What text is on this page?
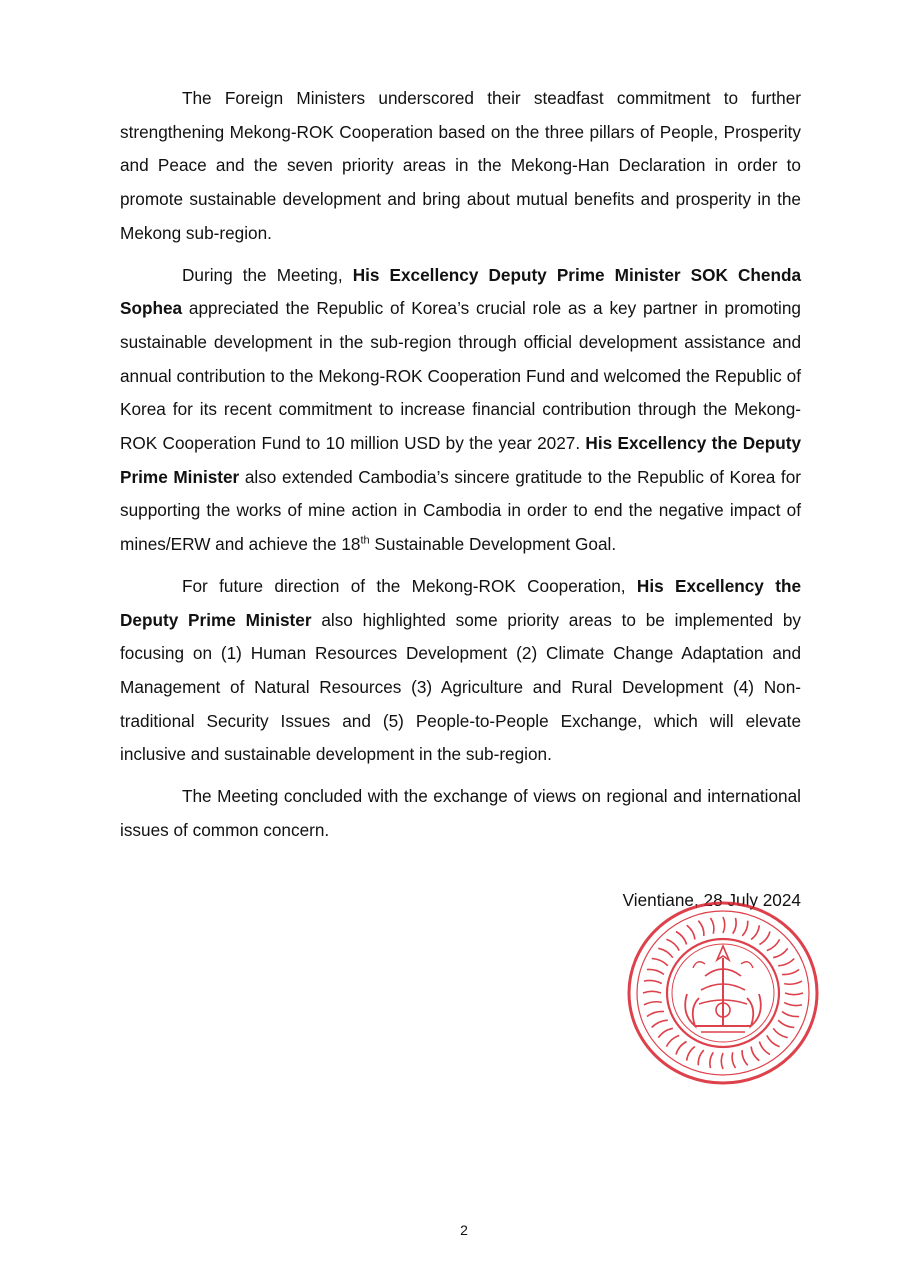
The Foreign Ministers underscored their steadfast commitment to further strengthening Mekong-ROK Cooperation based on the three pillars of People, Prosperity and Peace and the seven priority areas in the Mekong-Han Declaration in order to promote sustainable development and bring about mutual benefits and prosperity in the Mekong sub-region.

During the Meeting, His Excellency Deputy Prime Minister SOK Chenda Sophea appreciated the Republic of Korea’s crucial role as a key partner in promoting sustainable development in the sub-region through official development assistance and annual contribution to the Mekong-ROK Cooperation Fund and welcomed the Republic of Korea for its recent commitment to increase financial contribution through the Mekong-ROK Cooperation Fund to 10 million USD by the year 2027. His Excellency the Deputy Prime Minister also extended Cambodia’s sincere gratitude to the Republic of Korea for supporting the works of mine action in Cambodia in order to end the negative impact of mines/ERW and achieve the 18th Sustainable Development Goal.

For future direction of the Mekong-ROK Cooperation, His Excellency the Deputy Prime Minister also highlighted some priority areas to be implemented by focusing on (1) Human Resources Development (2) Climate Change Adaptation and Management of Natural Resources (3) Agriculture and Rural Development (4) Non-traditional Security Issues and (5) People-to-People Exchange, which will elevate inclusive and sustainable development in the sub-region.

The Meeting concluded with the exchange of views on regional and international issues of common concern.

Vientiane, 28 July 2024
2
